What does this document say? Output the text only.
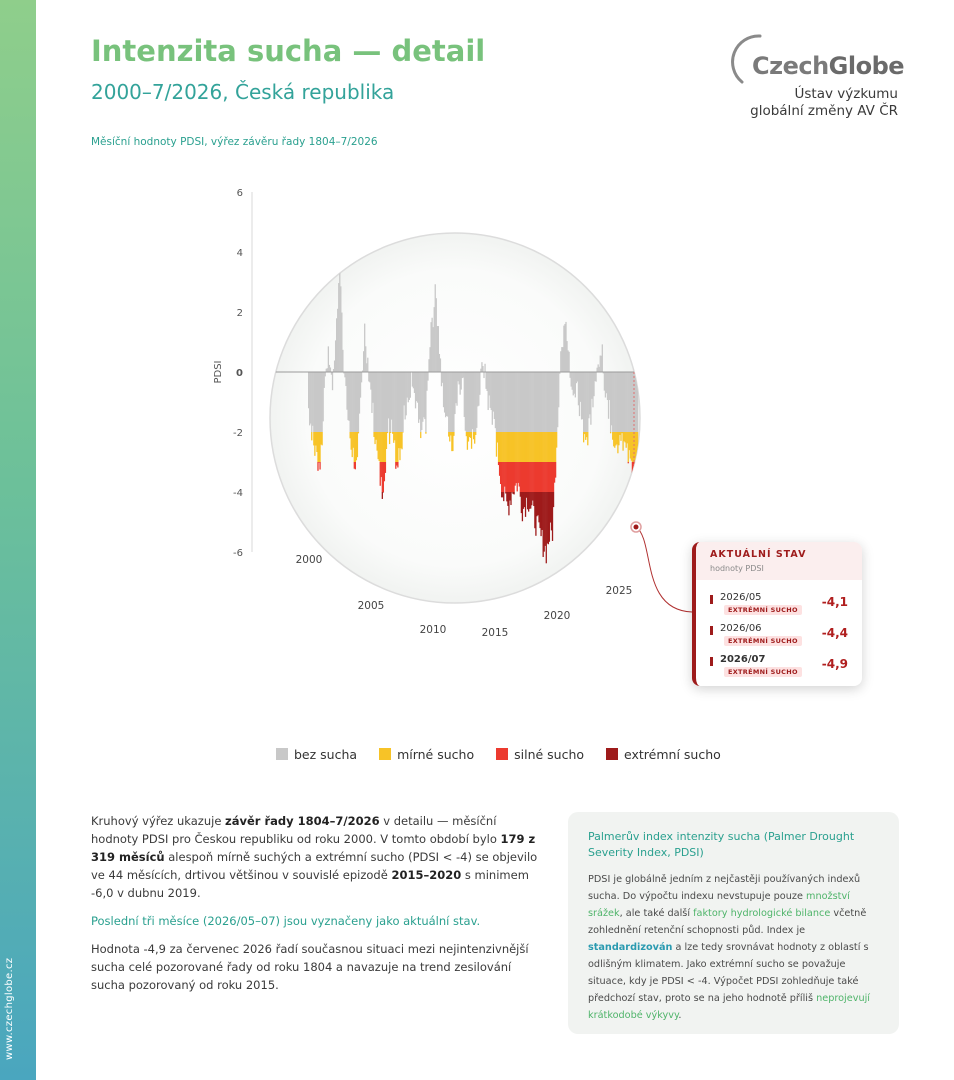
www.czechglobe.cz
Intenzita sucha — detail
2000–7/2026, Česká republika
Měsíční hodnoty PDSI, výřez závěru řady 1804–7/2026
CzechGlobe
Ústav výzkumu
globální změny AV ČR
6
4
2
0
-2
-4
-6
PDSI
2000
2005
2010	2015
2020
2025
AKTUÁLNÍ STAV
hodnoty PDSI
2026/05
EXTRÉMNÍ SUCHO
-4,1
2026/06
EXTRÉMNÍ SUCHO
-4,4
2026/07
EXTRÉMNÍ SUCHO
-4,9
bez sucha	mírné sucho	silné sucho	extrémní sucho

Kruhový výřez ukazuje závěr řady 1804–7/2026 v detailu — měsíční hodnoty PDSI pro Českou republiku od roku 2000. V tomto období bylo 179 z 319 měsíců alespoň mírně suchých a extrémní sucho (PDSI < -4) se objevilo ve 44 měsících, drtivou většinou v souvislé epizodě 2015–2020 s minimem -6,0 v dubnu 2019.

Poslední tři měsíce (2026/05–07) jsou vyznačeny jako aktuální stav.

Hodnota -4,9 za červenec 2026 řadí současnou situaci mezi nejintenzivnější sucha celé pozorované řady od roku 1804 a navazuje na trend zesilování sucha pozorovaný od roku 2015.

Palmerův index intenzity sucha (Palmer Drought Severity Index, PDSI)
PDSI je globálně jedním z nejčastěji používaných indexů sucha. Do výpočtu indexu nevstupuje pouze množství srážek, ale také další faktory hydrologické bilance včetně zohlednění retenční schopnosti půd. Index je standardizován a lze tedy srovnávat hodnoty z oblastí s odlišným klimatem. Jako extrémní sucho se považuje situace, kdy je PDSI < -4. Výpočet PDSI zohledňuje také předchozí stav, proto se na jeho hodnotě příliš neprojevují krátkodobé výkyvy.
